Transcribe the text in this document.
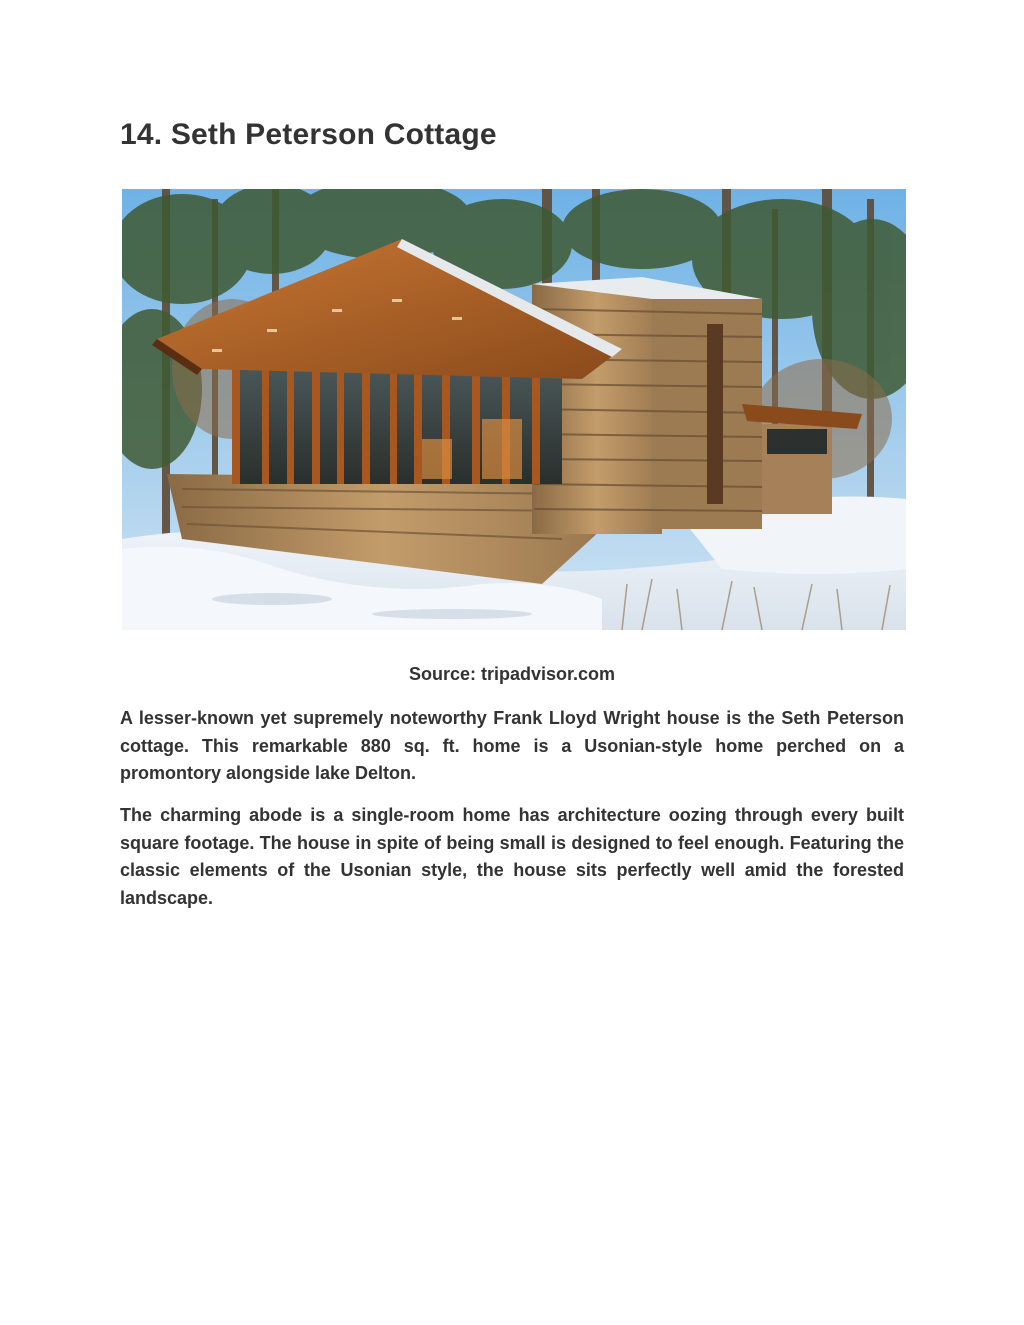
14. Seth Peterson Cottage

Source: tripadvisor.com

A lesser-known yet supremely noteworthy Frank Lloyd Wright house is the Seth Peterson cottage. This remarkable 880 sq. ft. home is a Usonian-style home perched on a promontory alongside lake Delton.

The charming abode is a single-room home has architecture oozing through every built square footage. The house in spite of being small is designed to feel enough. Featuring the classic elements of the Usonian style, the house sits perfectly well amid the forested landscape.
